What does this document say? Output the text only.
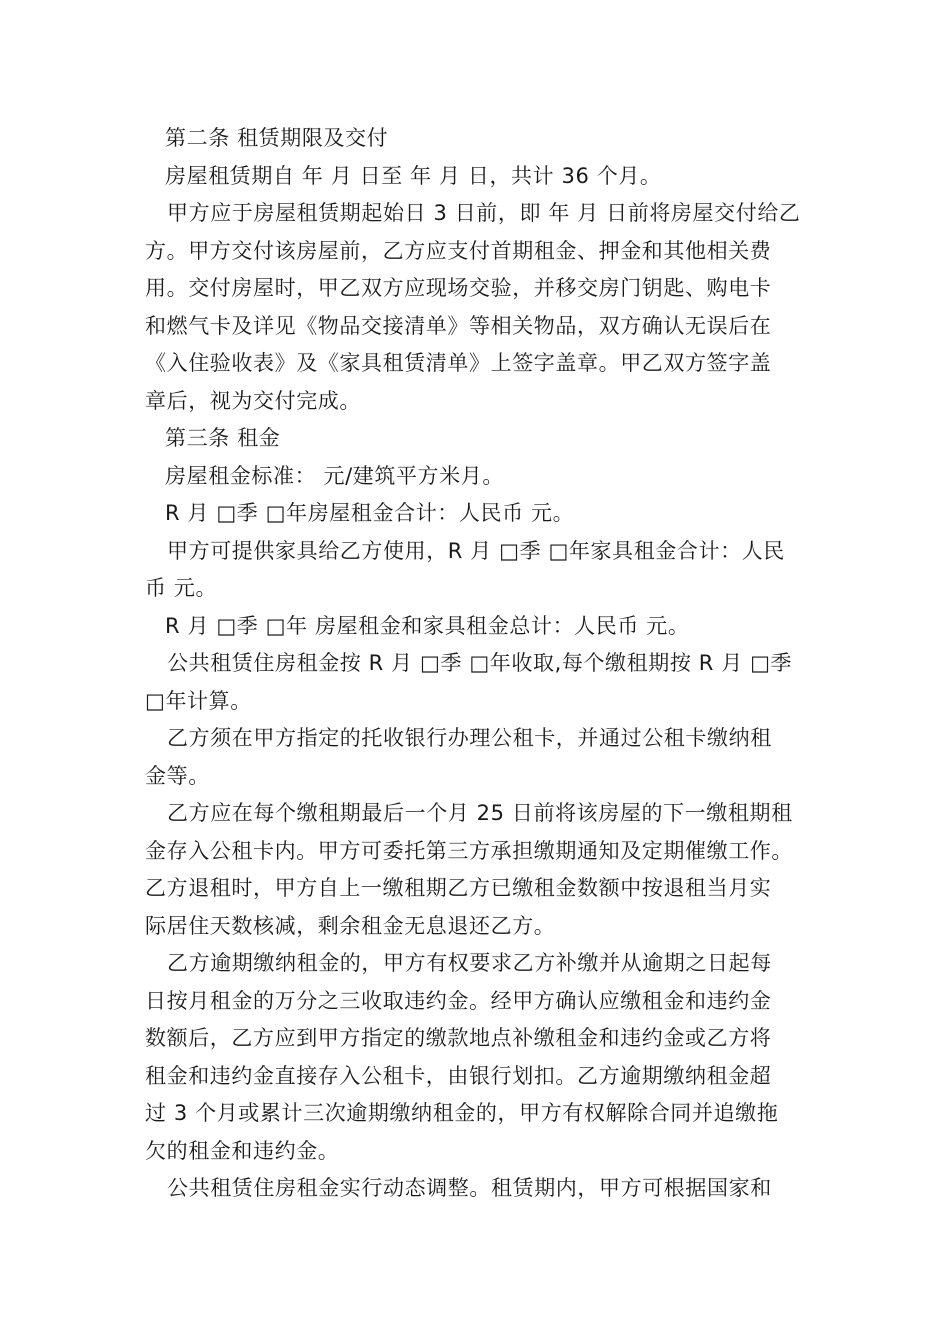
第二条 租赁期限及交付
房屋租赁期自 年 月 日至 年 月 日，共计 36 个月。
甲方应于房屋租赁期起始日 3 日前，即 年 月 日前将房屋交付给乙
方。甲方交付该房屋前，乙方应支付首期租金、押金和其他相关费
用。交付房屋时，甲乙双方应现场交验，并移交房门钥匙、购电卡
和燃气卡及详见《物品交接清单》等相关物品，双方确认无误后在
《入住验收表》及《家具租赁清单》上签字盖章。甲乙双方签字盖
章后，视为交付完成。
第三条 租金
房屋租金标准： 元/建筑平方米月。
R 月 □季 □年房屋租金合计：人民币 元。
甲方可提供家具给乙方使用，R 月 □季 □年家具租金合计：人民
币 元。
R 月 □季 □年 房屋租金和家具租金总计：人民币 元。
公共租赁住房租金按 R 月 □季 □年收取,每个缴租期按 R 月 □季
□年计算。
乙方须在甲方指定的托收银行办理公租卡，并通过公租卡缴纳租
金等。
乙方应在每个缴租期最后一个月 25 日前将该房屋的下一缴租期租
金存入公租卡内。甲方可委托第三方承担缴期通知及定期催缴工作。
乙方退租时，甲方自上一缴租期乙方已缴租金数额中按退租当月实
际居住天数核减，剩余租金无息退还乙方。
乙方逾期缴纳租金的，甲方有权要求乙方补缴并从逾期之日起每
日按月租金的万分之三收取违约金。经甲方确认应缴租金和违约金
数额后，乙方应到甲方指定的缴款地点补缴租金和违约金或乙方将
租金和违约金直接存入公租卡，由银行划扣。乙方逾期缴纳租金超
过 3 个月或累计三次逾期缴纳租金的，甲方有权解除合同并追缴拖
欠的租金和违约金。
公共租赁住房租金实行动态调整。租赁期内，甲方可根据国家和
